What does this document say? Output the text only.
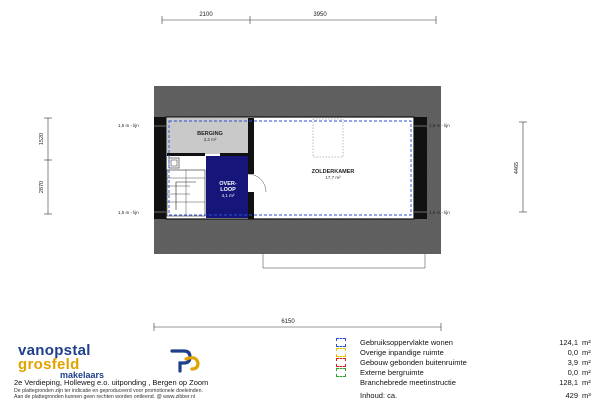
2100	3950
1520
2870
4465
1,5 m - lijn
1,5 m - lijn
1,5 m - lijn
1,5 m - lijn
BERGING
3,2 m²
OVER-
LOOP
4,1 m²
ZOLDERKAMER
17,7 m²
6150
vanopstal
grosfeld
makelaars
2e Verdieping, Holleweg e.o. uitponding , Bergen op Zoom
De plattegronden zijn ter indicatie en geproduceerd voor promotionele doeleinden.
Aan de plattegronden kunnen geen rechten worden ontleend. @ www.zibber.nl
Gebruiksoppervlakte wonen	124,1 m²
Overige inpandige ruimte	0,0 m²
Gebouw gebonden buitenruimte	3,9 m²
Externe bergruimte	0,0 m²
Branchebrede meetinstructie	128,1 m²
Inhoud: ca.	429 m³
